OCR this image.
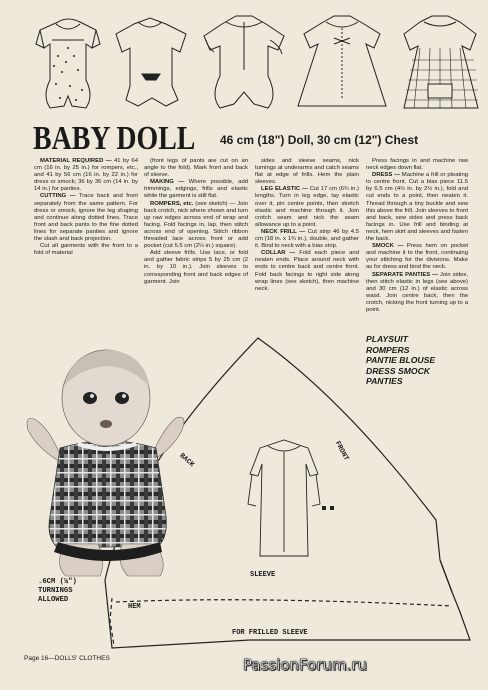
BABY DOLL 46 cm (18") Doll, 30 cm (12") Chest
MATERIAL REQUIRED — 41 by 64 cm (16 in. by 25 in.) for rompers, etc., and 41 by 56 cm (16 in. by 22 in.) for dress or smock; 36 by 36 cm (14 in. by 14 in.) for panties.
CUTTING — Trace back and front separately from the same pattern. For dress or smock, ignore the leg shaping and continue along dotted lines. Trace front and back pants to the fine dotted lines for separate panties and ignore the slash and back projection.
Cut all garments with the front to a fold of material
(front legs of pants are cut on an angle to the fold). Mark front and back of sleeve.
MAKING — Where possible, add trimmings, edgings, frills and elastic while the garment is still flat.
ROMPERS, etc. (see sketch) — Join back crotch, nick where shown and turn up raw edges across end of wrap and facing. Fold facings in, lap, then stitch across end of opening. Stitch ribbon threaded lace across front or add pocket (cut 5.5 cm (2¼ in.) square).
Add sleeve frills. Use lace, or fold and gather fabric strips 5 by 25 cm (2 in. by 10 in.). Join sleeves to corresponding front and back edges of garment. Join
sides and sleeve seams, nick turnings at underarms and catch seams flat at edge of frills. Hem the plain sleeves.
LEG ELASTIC — Cut 17 cm (6¾ in.) lengths. Turn in leg edge, lay elastic over it, pin centre points, then stretch elastic and machine through it. Join crotch seam and nick the seam allowance up to a point.
NECK FRILL — Cut strip 46 by 4.5 cm (18 in. x 1¾ in.), double, and gather it. Bind to neck with a bias strip.
COLLAR — Fold each piece and neaten ends. Place around neck with ends to centre back and centre front. Fold back facings to right side along wrap lines (see sketch), then machine neck.
Press facings in and machine raw neck edges down flat.
DRESS — Machine a frill or pleating to centre front. Cut a bias piece 11.5 by 6.5 cm (4½ in. by 2½ in.), fold and cut ends to a point, then neaten it. Thread through a tiny buckle and sew this above the frill. Join sleeves to front and back, sew sides and press back facings in. Use frill and binding at neck, hem skirt and sleeves and fasten the back.
SMOCK — Press hem on pocket and machine it to the front, continuing your stitching for the divisions. Make as for dress and bind the neck.
SEPARATE PANTIES — Join sides, then stitch elastic in legs (see above) and 30 cm (12 in.) of elastic across waist. Join centre back, then the crotch, nicking the front turning up to a point.
PLAYSUIT
ROMPERS
PANTIE BLOUSE
DRESS SMOCK
PANTIES
BACK	FRONT
SLEEVE
HEM
FOR FRILLED SLEEVE
.6CM (¼")
TURNINGS
ALLOWED
Page 16—DOLLS' CLOTHES	PassionForum.ru
